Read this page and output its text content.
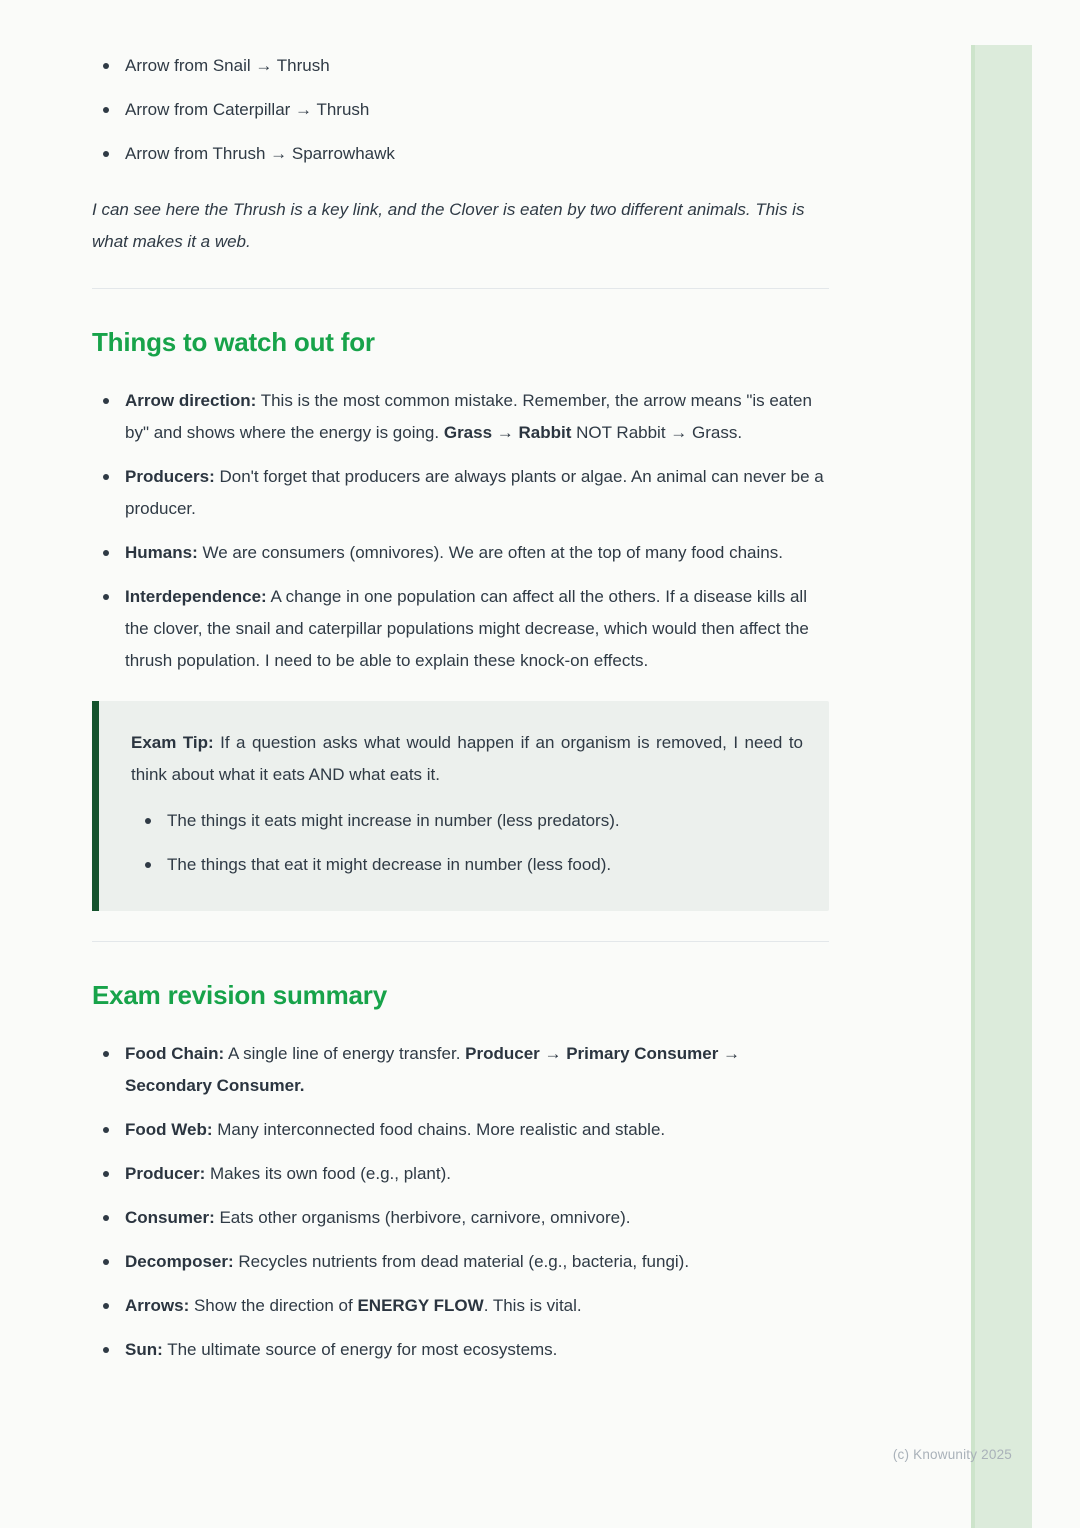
Arrow from Snail → Thrush
Arrow from Caterpillar → Thrush
Arrow from Thrush → Sparrowhawk

I can see here the Thrush is a key link, and the Clover is eaten by two different animals. This is what makes it a web.

Things to watch out for
Arrow direction: This is the most common mistake. Remember, the arrow means "is eaten by" and shows where the energy is going. Grass → Rabbit NOT Rabbit → Grass.
Producers: Don't forget that producers are always plants or algae. An animal can never be a producer.
Humans: We are consumers (omnivores). We are often at the top of many food chains.
Interdependence: A change in one population can affect all the others. If a disease kills all the clover, the snail and caterpillar populations might decrease, which would then affect the thrush population. I need to be able to explain these knock-on effects.

Exam Tip: If a question asks what would happen if an organism is removed, I need to think about what it eats AND what eats it.

The things it eats might increase in number (less predators).
The things that eat it might decrease in number (less food).
Exam revision summary
Food Chain: A single line of energy transfer. Producer → Primary Consumer → Secondary Consumer.
Food Web: Many interconnected food chains. More realistic and stable.
Producer: Makes its own food (e.g., plant).
Consumer: Eats other organisms (herbivore, carnivore, omnivore).
Decomposer: Recycles nutrients from dead material (e.g., bacteria, fungi).
Arrows: Show the direction of ENERGY FLOW. This is vital.
Sun: The ultimate source of energy for most ecosystems.
(c) Knowunity 2025
